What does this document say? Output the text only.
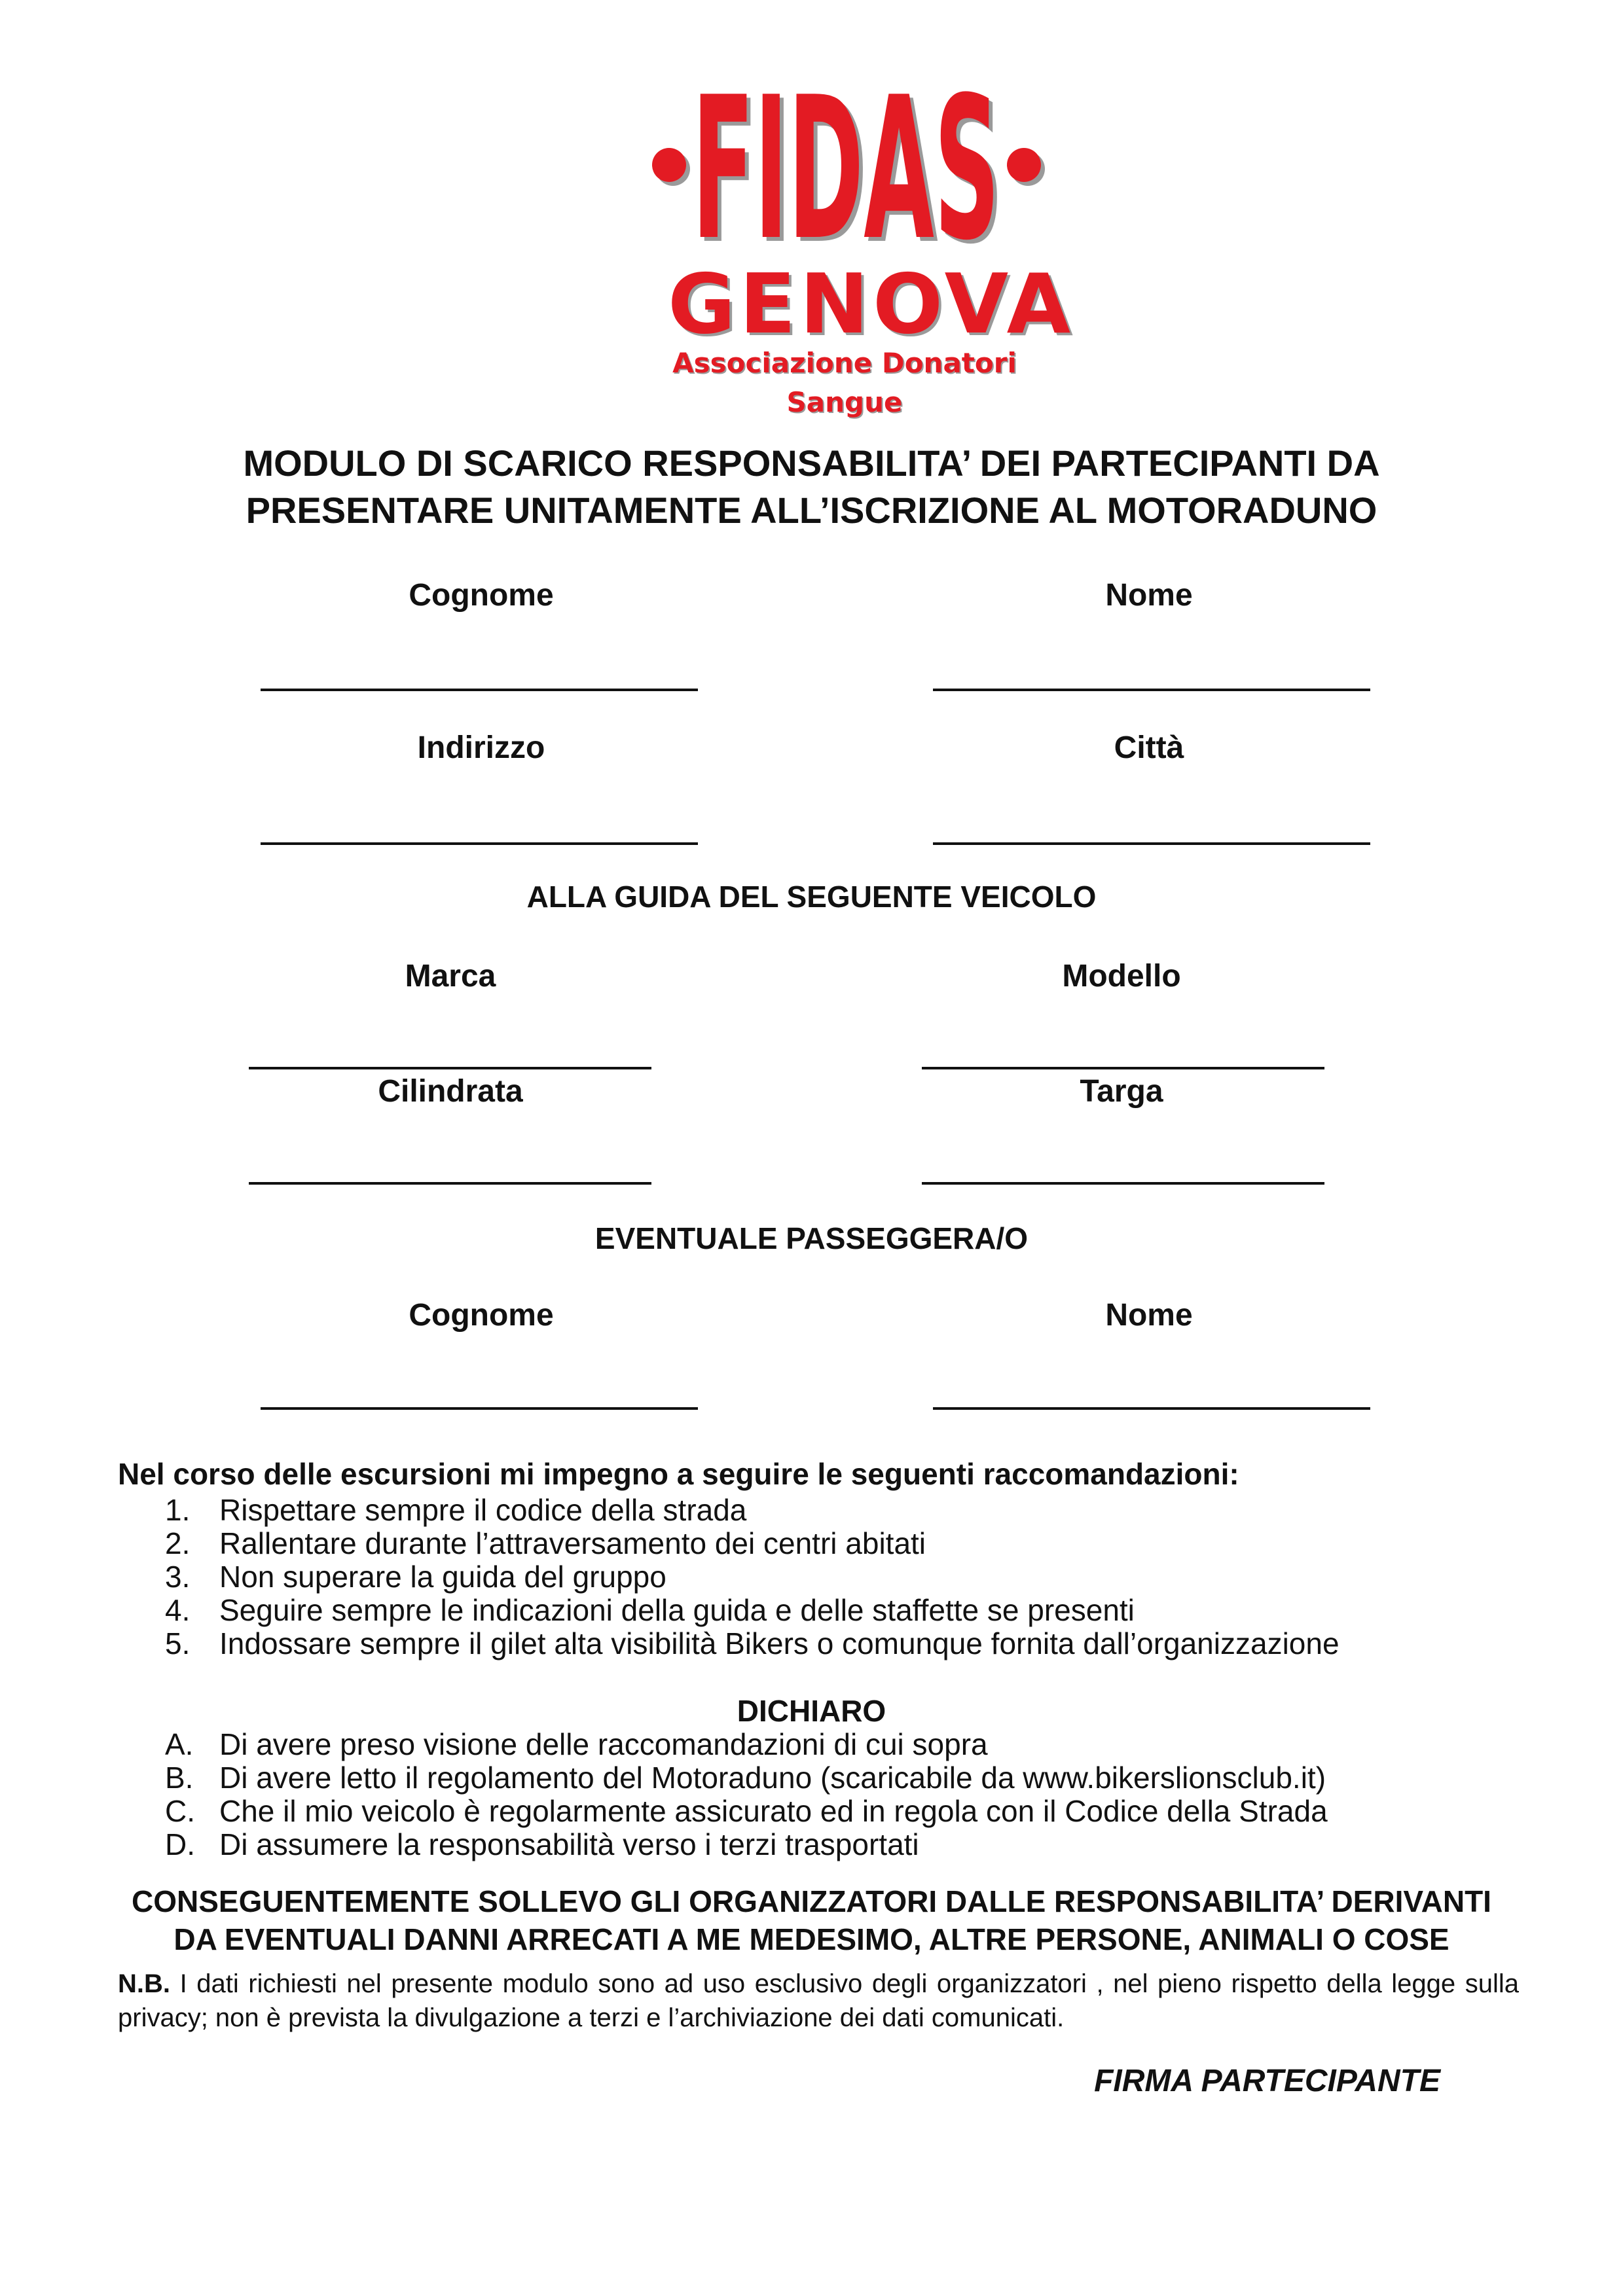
FIDAS
FIDAS
GENOVA
Associazione Donatori Sangue
MODULO DI SCARICO RESPONSABILITA’ DEI PARTECIPANTI DA
PRESENTARE UNITAMENTE ALL’ISCRIZIONE AL MOTORADUNO
Cognome	Nome
Indirizzo	Città
ALLA GUIDA DEL SEGUENTE VEICOLO
Marca	Modello
Cilindrata	Targa
EVENTUALE PASSEGGERA/O
Cognome	Nome
Nel corso delle escursioni mi impegno a seguire le seguenti raccomandazioni:
1. Rispettare sempre il codice della strada
2. Rallentare durante l’attraversamento dei centri abitati
3. Non superare la guida del gruppo
4. Seguire sempre le indicazioni della guida e delle staffette se presenti
5. Indossare sempre il gilet alta visibilità Bikers o comunque fornita dall’organizzazione
DICHIARO
A. Di avere preso visione delle raccomandazioni di cui sopra
B. Di avere letto il regolamento del Motoraduno (scaricabile da www.bikerslionsclub.it)
C. Che il mio veicolo è regolarmente assicurato ed in regola con il Codice della Strada
D. Di assumere la responsabilità verso i terzi trasportati
CONSEGUENTEMENTE SOLLEVO GLI ORGANIZZATORI DALLE RESPONSABILITA’ DERIVANTI
DA EVENTUALI DANNI ARRECATI A ME MEDESIMO, ALTRE PERSONE, ANIMALI O COSE
N.B. I dati richiesti nel presente modulo sono ad uso esclusivo degli organizzatori , nel pieno rispetto della legge sulla privacy; non è prevista la divulgazione a terzi e l’archiviazione dei dati comunicati.
FIRMA PARTECIPANTE
